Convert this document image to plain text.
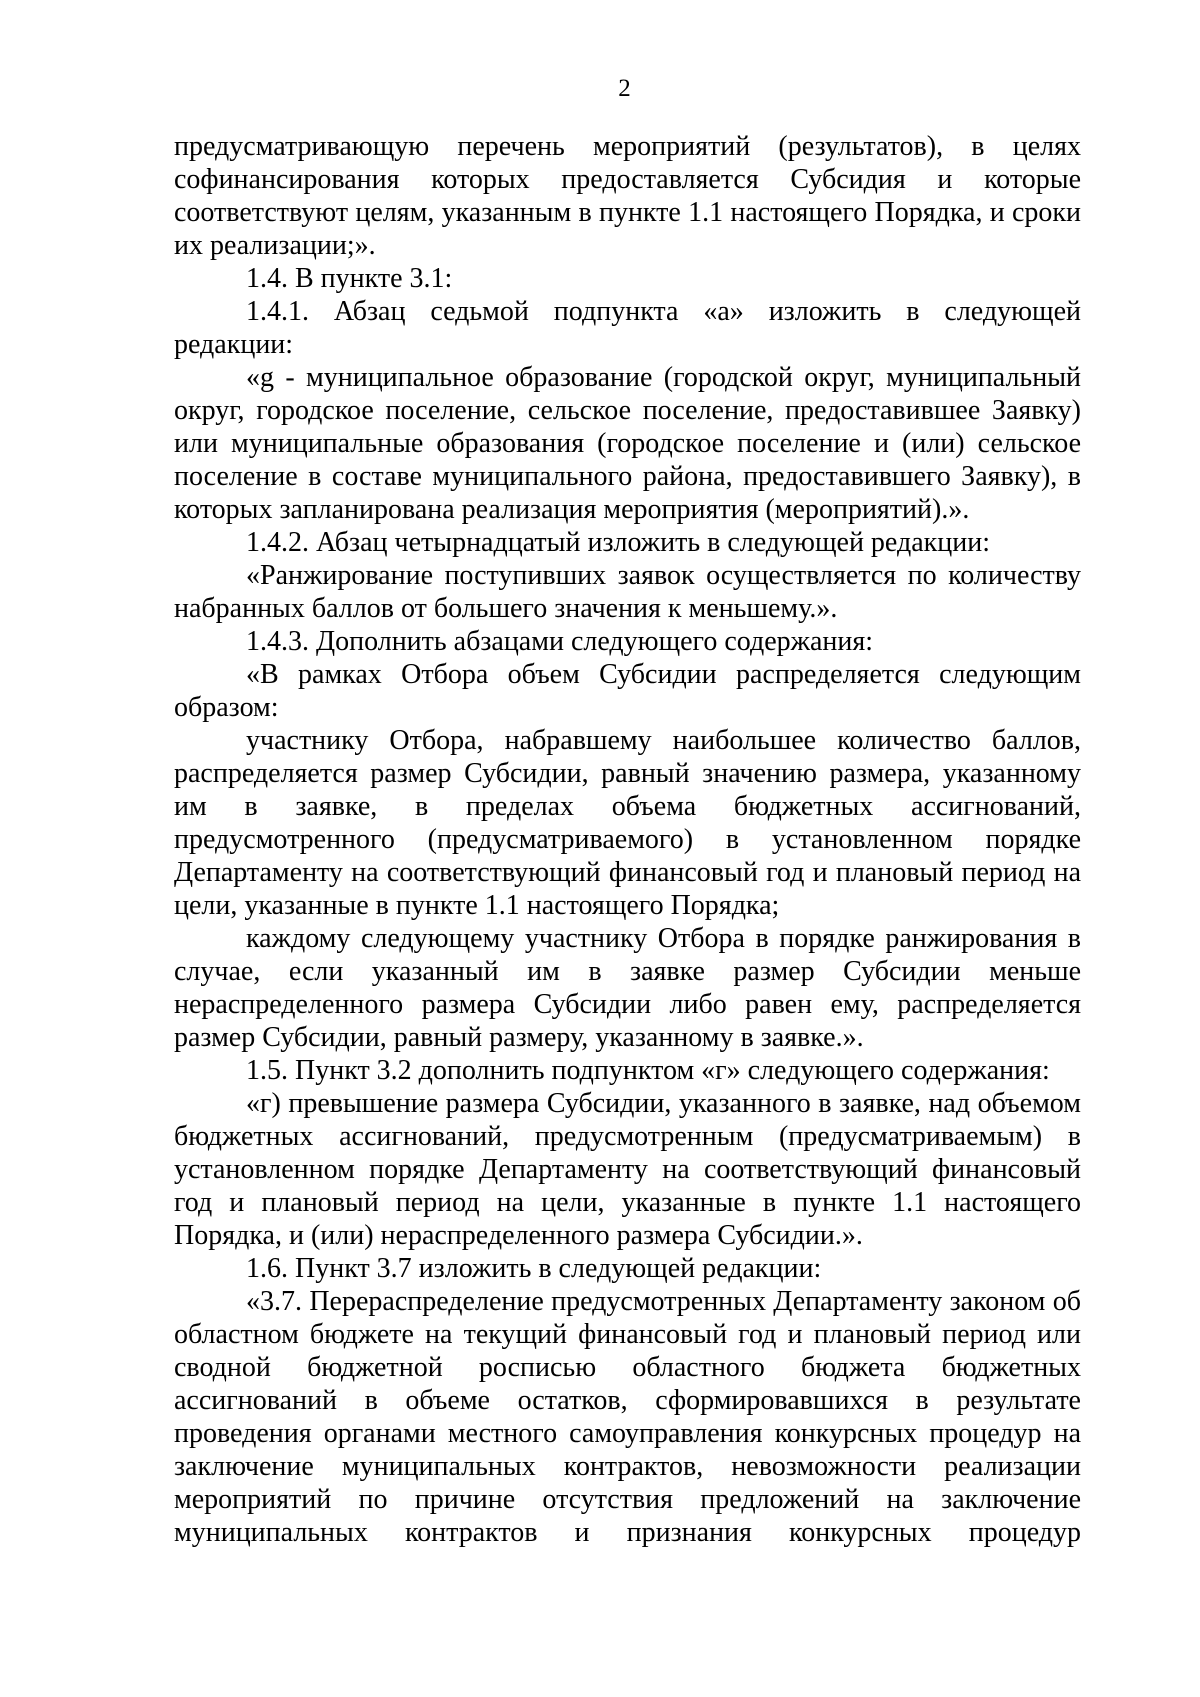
2

предусматривающую перечень мероприятий (результатов), в целях софинансирования которых предоставляется Субсидия и которые соответствуют целям, указанным в пункте 1.1 настоящего Порядка, и сроки их реализации;».

1.4. В пункте 3.1:

1.4.1. Абзац седьмой подпункта «а» изложить в следующей редакции:

«g - муниципальное образование (городской округ, муниципальный округ, городское поселение, сельское поселение, предоставившее Заявку) или муниципальные образования (городское поселение и (или) сельское поселение в составе муниципального района, предоставившего Заявку), в которых запланирована реализация мероприятия (мероприятий).».

1.4.2. Абзац четырнадцатый изложить в следующей редакции:

«Ранжирование поступивших заявок осуществляется по количеству набранных баллов от большего значения к меньшему.».

1.4.3. Дополнить абзацами следующего содержания:

«В рамках Отбора объем Субсидии распределяется следующим образом:

участнику Отбора, набравшему наибольшее количество баллов, распределяется размер Субсидии, равный значению размера, указанному им в заявке, в пределах объема бюджетных ассигнований, предусмотренного (предусматриваемого) в установленном порядке Департаменту на соответствующий финансовый год и плановый период на цели, указанные в пункте 1.1 настоящего Порядка;

каждому следующему участнику Отбора в порядке ранжирования в случае, если указанный им в заявке размер Субсидии меньше нераспределенного размера Субсидии либо равен ему, распределяется размер Субсидии, равный размеру, указанному в заявке.».

1.5. Пункт 3.2 дополнить подпунктом «г» следующего содержания:

«г) превышение размера Субсидии, указанного в заявке, над объемом бюджетных ассигнований, предусмотренным (предусматриваемым) в установленном порядке Департаменту на соответствующий финансовый год и плановый период на цели, указанные в пункте 1.1 настоящего Порядка, и (или) нераспределенного размера Субсидии.».

1.6. Пункт 3.7 изложить в следующей редакции:

«3.7. Перераспределение предусмотренных Департаменту законом об областном бюджете на текущий финансовый год и плановый период или сводной бюджетной росписью областного бюджета бюджетных ассигнований в объеме остатков, сформировавшихся в результате проведения органами местного самоуправления конкурсных процедур на заключение муниципальных контрактов, невозможности реализации мероприятий по причине отсутствия предложений на заключение муниципальных контрактов и признания конкурсных процедур
